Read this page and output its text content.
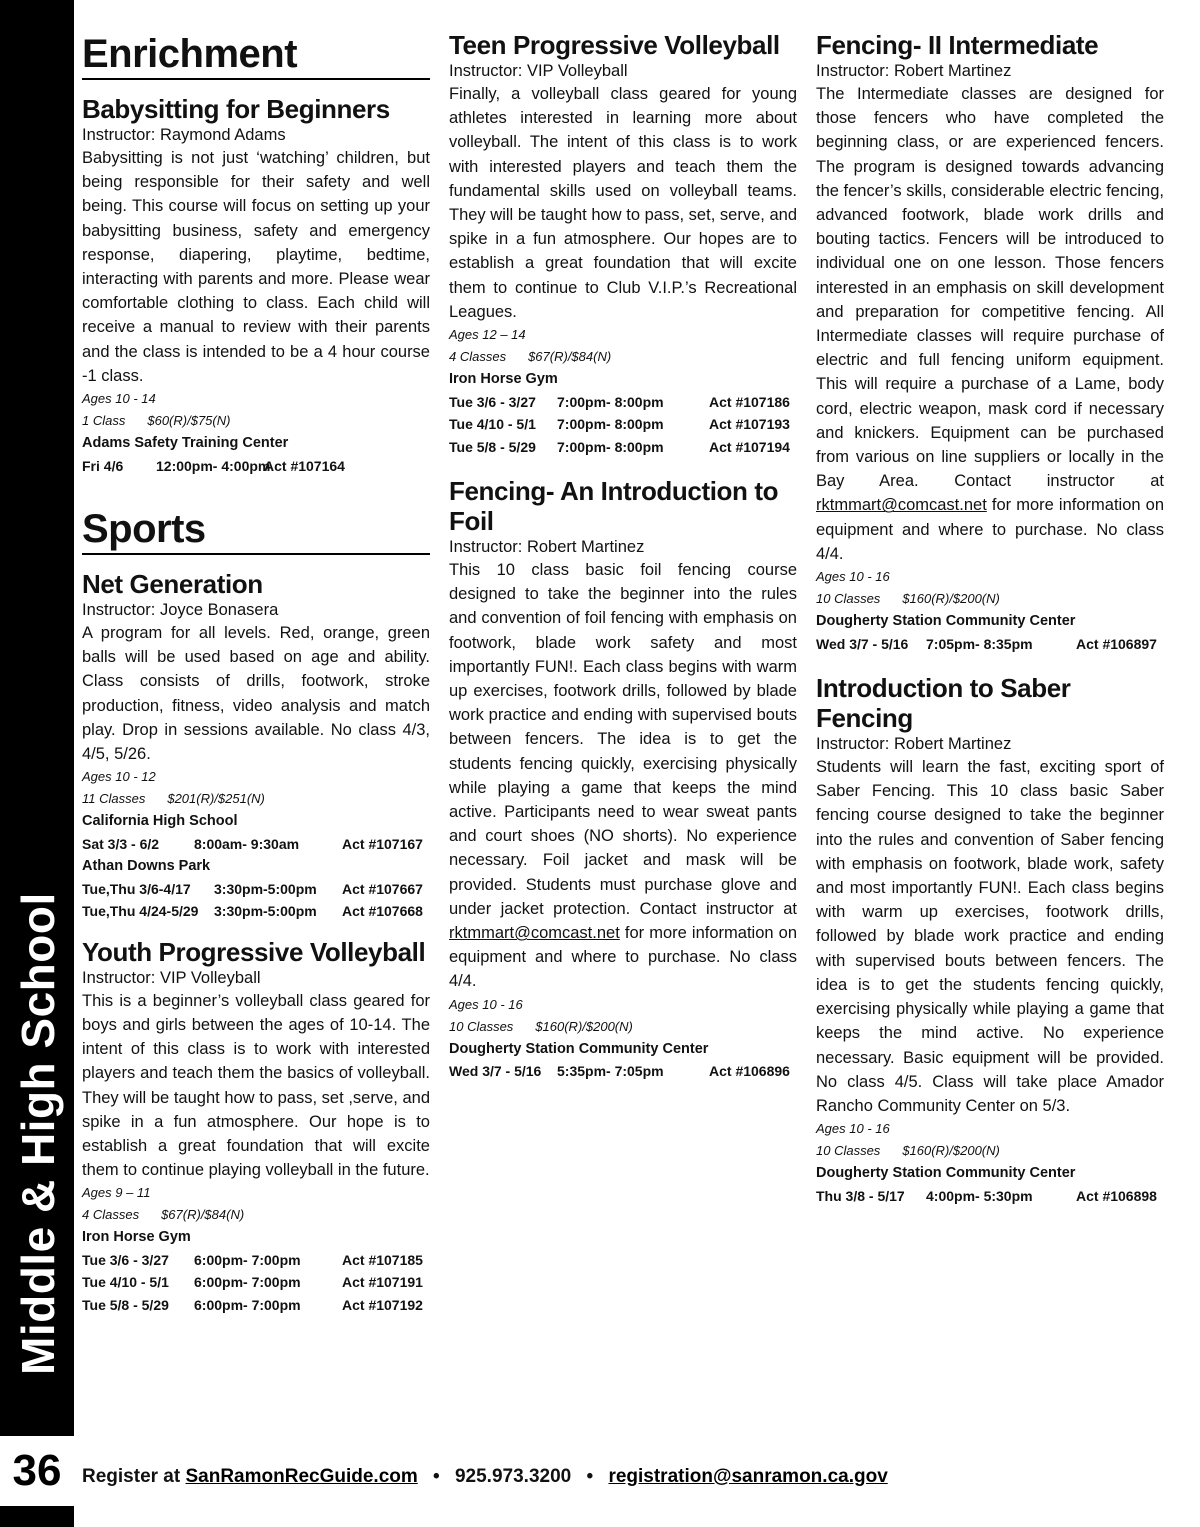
Middle & High School
36
Enrichment
Babysitting for Beginners
Instructor: Raymond Adams
Babysitting is not just ‘watching’ children, but being responsible for their safety and well being. This course will focus on setting up your babysitting business, safety and emergency response, diapering, playtime, bedtime, interacting with parents and more. Please wear comfortable clothing to class. Each child will receive a manual to review with their parents and the class is intended to be a 4 hour course -1 class.
Ages 10 - 14
1 Class $60(R)/$75(N)
Adams Safety Training Center
Fri 4/6	12:00pm- 4:00pm
Act #107164
Sports
Net Generation
Instructor: Joyce Bonasera
A program for all levels. Red, orange, green balls will be used based on age and ability. Class consists of drills, footwork, stroke production, fitness, video analysis and match play. Drop in sessions available. No class 4/3, 4/5, 5/26.
Ages 10 - 12
11 Classes $201(R)/$251(N)
California High School
Sat 3/3 - 6/2	8:00am- 9:30am	Act #107167
Athan Downs Park
Tue,Thu 3/6-4/17	3:30pm-5:00pm	Act #107667
Tue,Thu 4/24-5/29	3:30pm-5:00pm	Act #107668
Youth Progressive Volleyball
Instructor: VIP Volleyball
This is a beginner’s volleyball class geared for boys and girls between the ages of 10-14. The intent of this class is to work with interested players and teach them the basics of volleyball. They will be taught how to pass, set ,serve, and spike in a fun atmosphere. Our hope is to establish a great foundation that will excite them to continue playing volleyball in the future.
Ages 9 – 11
4 Classes $67(R)/$84(N)
Iron Horse Gym
Tue 3/6 - 3/27	6:00pm- 7:00pm	Act #107185
Tue 4/10 - 5/1	6:00pm- 7:00pm	Act #107191
Tue 5/8 - 5/29	6:00pm- 7:00pm	Act #107192
Teen Progressive Volleyball
Instructor: VIP Volleyball
Finally, a volleyball class geared for young athletes interested in learning more about volleyball. The intent of this class is to work with interested players and teach them the fundamental skills used on volleyball teams. They will be taught how to pass, set, serve, and spike in a fun atmosphere. Our hopes are to establish a great foundation that will excite them to continue to Club V.I.P.’s Recreational Leagues.
Ages 12 – 14
4 Classes $67(R)/$84(N)
Iron Horse Gym
Tue 3/6 - 3/27	7:00pm- 8:00pm	Act #107186
Tue 4/10 - 5/1	7:00pm- 8:00pm	Act #107193
Tue 5/8 - 5/29	7:00pm- 8:00pm	Act #107194
Fencing- An Introduction to Foil
Instructor: Robert Martinez
This 10 class basic foil fencing course designed to take the beginner into the rules and convention of foil fencing with emphasis on footwork, blade work safety and most importantly FUN!. Each class begins with warm up exercises, footwork drills, followed by blade work practice and ending with supervised bouts between fencers. The idea is to get the students fencing quickly, exercising physically while playing a game that keeps the mind active. Participants need to wear sweat pants and court shoes (NO shorts). No experience necessary. Foil jacket and mask will be provided. Students must purchase glove and under jacket protection. Contact instructor at rktmmart@comcast.net for more information on equipment and where to purchase. No class 4/4.
Ages 10 - 16
10 Classes $160(R)/$200(N)
Dougherty Station Community Center
Wed 3/7 - 5/16	5:35pm- 7:05pm	Act #106896
Fencing- II Intermediate
Instructor: Robert Martinez
The Intermediate classes are designed for those fencers who have completed the beginning class, or are experienced fencers. The program is designed towards advancing the fencer’s skills, considerable electric fencing, advanced footwork, blade work drills and bouting tactics. Fencers will be introduced to individual one on one lesson. Those fencers interested in an emphasis on skill development and preparation for competitive fencing. All Intermediate classes will require purchase of electric and full fencing uniform equipment. This will require a purchase of a Lame, body cord, electric weapon, mask cord if necessary and knickers. Equipment can be purchased from various on line suppliers or locally in the Bay Area. Contact instructor at rktmmart@comcast.net for more information on equipment and where to purchase. No class 4/4.
Ages 10 - 16
10 Classes $160(R)/$200(N)
Dougherty Station Community Center
Wed 3/7 - 5/16	7:05pm- 8:35pm	Act #106897
Introduction to Saber Fencing
Instructor: Robert Martinez
Students will learn the fast, exciting sport of Saber Fencing. This 10 class basic Saber fencing course designed to take the beginner into the rules and convention of Saber fencing with emphasis on footwork, blade work, safety and most importantly FUN!. Each class begins with warm up exercises, footwork drills, followed by blade work practice and ending with supervised bouts between fencers. The idea is to get the students fencing quickly, exercising physically while playing a game that keeps the mind active. No experience necessary. Basic equipment will be provided. No class 4/5. Class will take place Amador Rancho Community Center on 5/3.
Ages 10 - 16
10 Classes $160(R)/$200(N)
Dougherty Station Community Center
Thu 3/8 - 5/17	4:00pm- 5:30pm	Act #106898
Register at SanRamonRecGuide.com • 925.973.3200 • registration@sanramon.ca.gov
